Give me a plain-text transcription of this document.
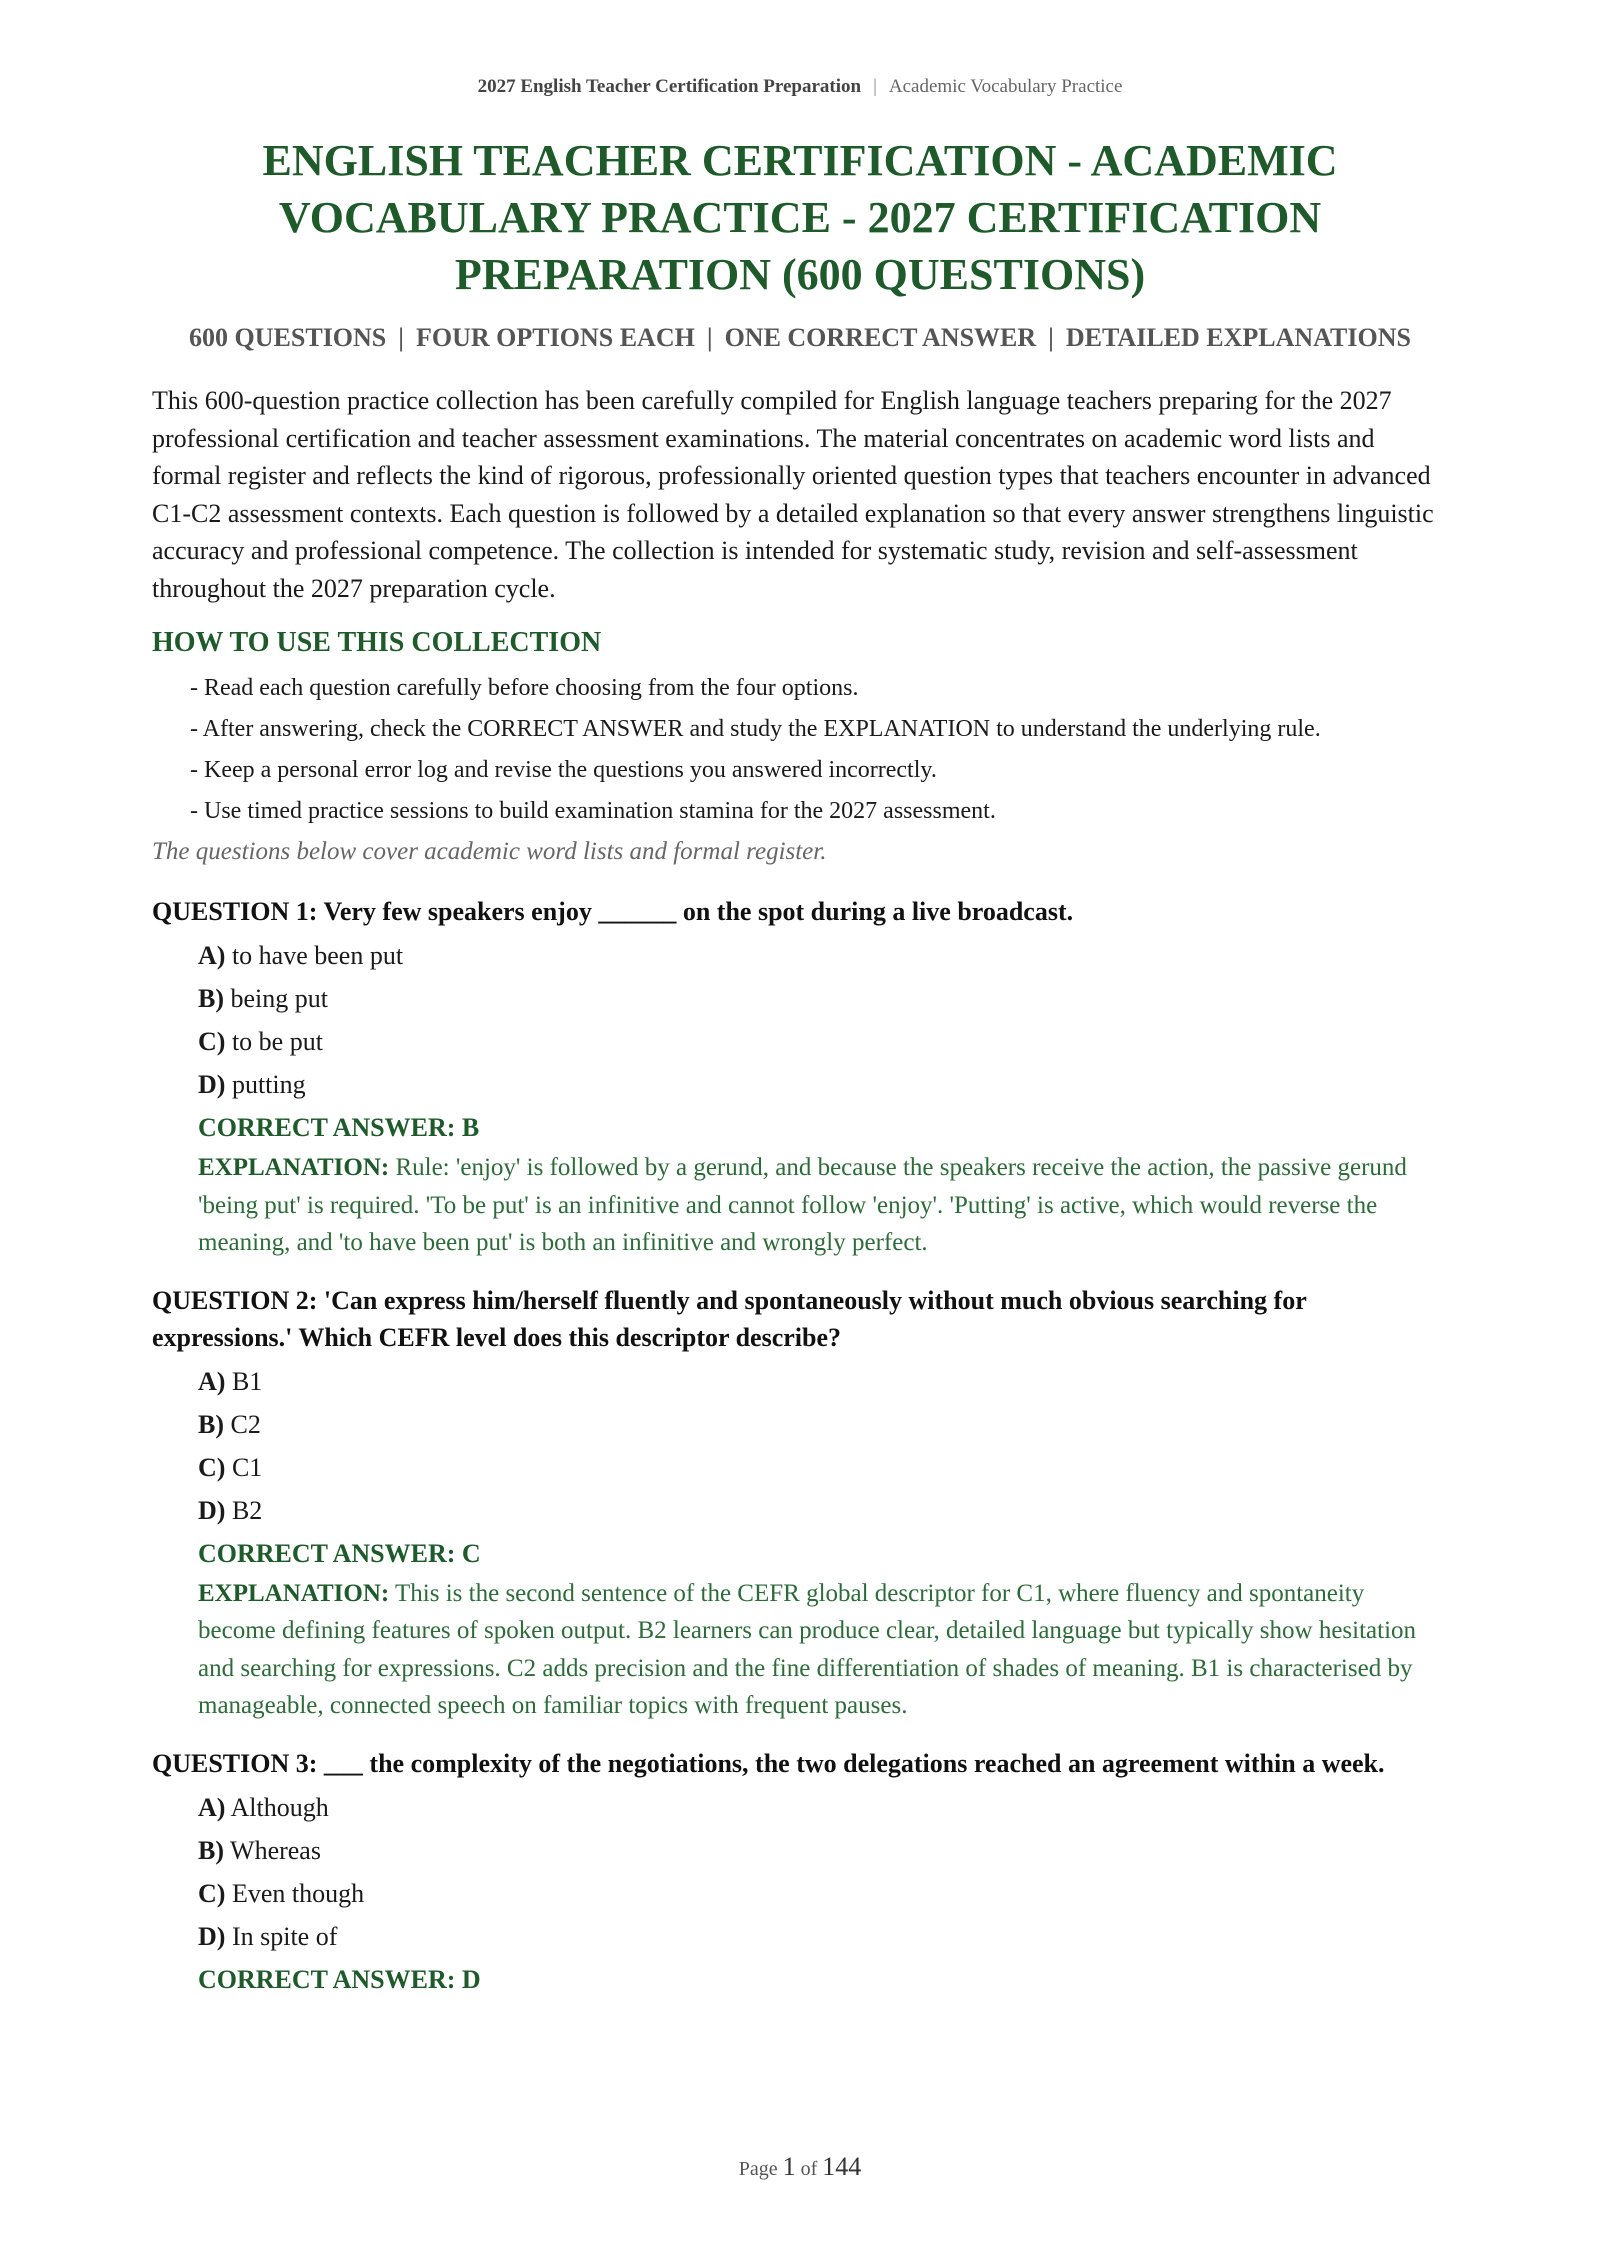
2027 English Teacher Certification Preparation | Academic Vocabulary Practice
ENGLISH TEACHER CERTIFICATION - ACADEMIC
VOCABULARY PRACTICE - 2027 CERTIFICATION
PREPARATION (600 QUESTIONS)
600 QUESTIONS | FOUR OPTIONS EACH | ONE CORRECT ANSWER | DETAILED EXPLANATIONS

This 600-question practice collection has been carefully compiled for English language teachers preparing for the 2027 professional certification and teacher assessment examinations. The material concentrates on academic word lists and formal register and reflects the kind of rigorous, professionally oriented question types that teachers encounter in advanced C1-C2 assessment contexts. Each question is followed by a detailed explanation so that every answer strengthens linguistic accuracy and professional competence. The collection is intended for systematic study, revision and self-assessment throughout the 2027 preparation cycle.

HOW TO USE THIS COLLECTION
- Read each question carefully before choosing from the four options.
- After answering, check the CORRECT ANSWER and study the EXPLANATION to understand the underlying rule.
- Keep a personal error log and revise the questions you answered incorrectly.
- Use timed practice sessions to build examination stamina for the 2027 assessment.
The questions below cover academic word lists and formal register.
QUESTION 1: Very few speakers enjoy ______ on the spot during a live broadcast.
A) to have been put
B) being put
C) to be put
D) putting
CORRECT ANSWER: B
EXPLANATION: Rule: 'enjoy' is followed by a gerund, and because the speakers receive the action, the passive gerund 'being put' is required. 'To be put' is an infinitive and cannot follow 'enjoy'. 'Putting' is active, which would reverse the meaning, and 'to have been put' is both an infinitive and wrongly perfect.
QUESTION 2: 'Can express him/herself fluently and spontaneously without much obvious searching for expressions.' Which CEFR level does this descriptor describe?
A) B1
B) C2
C) C1
D) B2
CORRECT ANSWER: C
EXPLANATION: This is the second sentence of the CEFR global descriptor for C1, where fluency and spontaneity become defining features of spoken output. B2 learners can produce clear, detailed language but typically show hesitation and searching for expressions. C2 adds precision and the fine differentiation of shades of meaning. B1 is characterised by manageable, connected speech on familiar topics with frequent pauses.
QUESTION 3: ___ the complexity of the negotiations, the two delegations reached an agreement within a week.
A) Although
B) Whereas
C) Even though
D) In spite of
CORRECT ANSWER: D
Page 1 of 144
